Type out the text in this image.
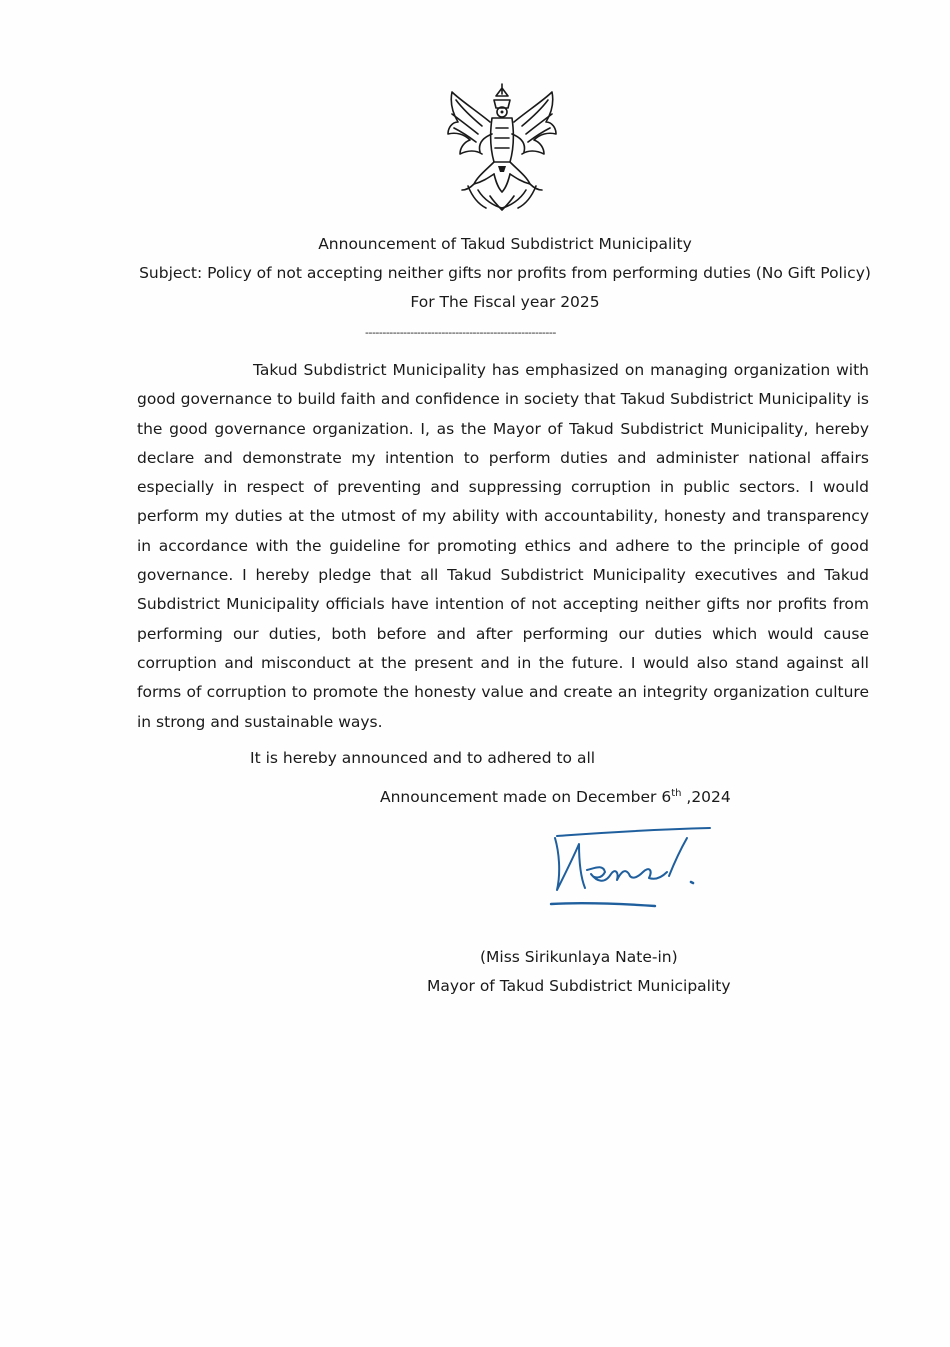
Announcement of Takud Subdistrict Municipality
Subject: Policy of not accepting neither gifts nor profits from performing duties (No Gift Policy)
For The Fiscal year 2025
-------------------------------------------------------

Takud Subdistrict Municipality has emphasized on managing organization with good governance to build faith and confidence in society that Takud Subdistrict Municipality is the good governance organization. I, as the Mayor of Takud Subdistrict Municipality, hereby declare and demonstrate my intention to perform duties and administer national affairs especially in respect of preventing and suppressing corruption in public sectors. I would perform my duties at the utmost of my ability with accountability, honesty and transparency in accordance with the guideline for promoting ethics and adhere to the principle of good governance. I hereby pledge that all Takud Subdistrict Municipality executives and Takud Subdistrict Municipality officials have intention of not accepting neither gifts nor profits from performing our duties, both before and after performing our duties which would cause corruption and misconduct at the present and in the future. I would also stand against all forms of corruption to promote the honesty value and create an integrity organization culture in strong and sustainable ways.

It is hereby announced and to adhered to all
Announcement made on December 6th ,2024
(Miss Sirikunlaya Nate-in)
Mayor of Takud Subdistrict Municipality
